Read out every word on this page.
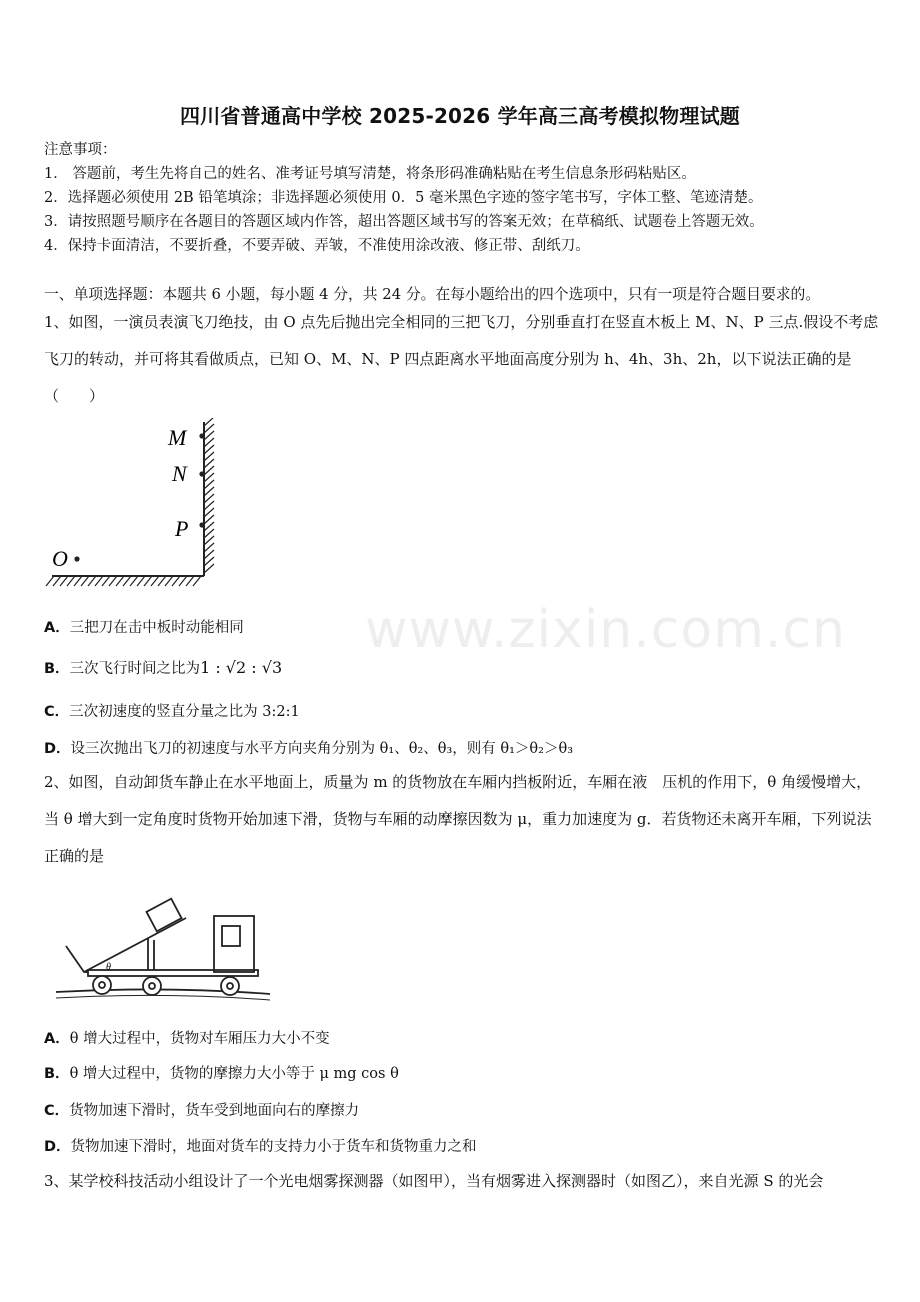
四川省普通高中学校 2025-2026 学年高三高考模拟物理试题
注意事项：
1． 答题前，考生先将自己的姓名、准考证号填写清楚，将条形码准确粘贴在考生信息条形码粘贴区。
2．选择题必须使用 2B 铅笔填涂；非选择题必须使用 0．5 毫米黑色字迹的签字笔书写，字体工整、笔迹清楚。
3．请按照题号顺序在各题目的答题区域内作答，超出答题区域书写的答案无效；在草稿纸、试题卷上答题无效。
4．保持卡面清洁，不要折叠，不要弄破、弄皱，不准使用涂改液、修正带、刮纸刀。
一、单项选择题：本题共 6 小题，每小题 4 分，共 24 分。在每小题给出的四个选项中，只有一项是符合题目要求的。
1、如图，一演员表演飞刀绝技，由 O 点先后抛出完全相同的三把飞刀，分别垂直打在竖直木板上 M、N、P 三点.假设不考虑飞刀的转动，并可将其看做质点，已知 O、M、N、P 四点距离水平地面高度分别为 h、4h、3h、2h，以下说法正确的是（　　）
M
N
P
O
www.zixin.com.cn
A．三把刀在击中板时动能相同
B．三次飞行时间之比为1 : √2 : √3
C．三次初速度的竖直分量之比为 3:2:1
D．设三次抛出飞刀的初速度与水平方向夹角分别为 θ₁、θ₂、θ₃，则有 θ₁＞θ₂＞θ₃
2、如图，自动卸货车静止在水平地面上，质量为 m 的货物放在车厢内挡板附近，车厢在液　压机的作用下，θ 角缓慢增大，当 θ 增大到一定角度时货物开始加速下滑，货物与车厢的动摩擦因数为 μ，重力加速度为 g．若货物还未离开车厢，下列说法正确的是
θ
A．θ 增大过程中，货物对车厢压力大小不变
B．θ 增大过程中，货物的摩擦力大小等于 μ mg cos θ
C．货物加速下滑时，货车受到地面向右的摩擦力
D．货物加速下滑时，地面对货车的支持力小于货车和货物重力之和
3、某学校科技活动小组设计了一个光电烟雾探测器（如图甲），当有烟雾进入探测器时（如图乙），来自光源 S 的光会
